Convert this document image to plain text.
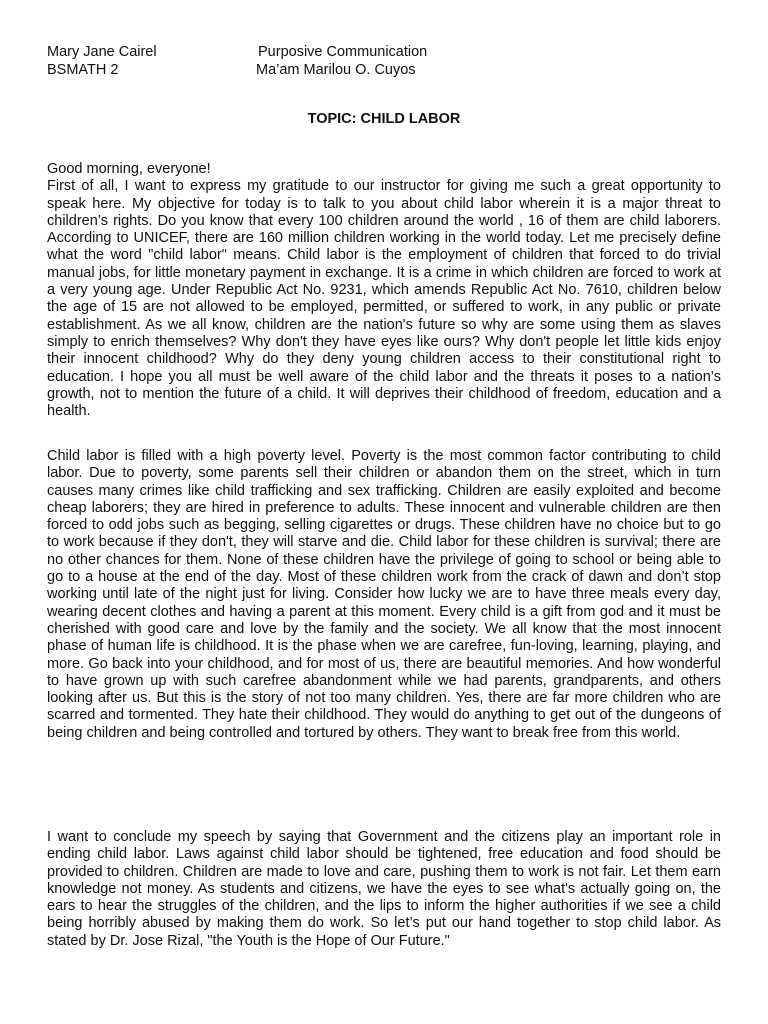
Mary Jane Cairel	Purposive Communication
BSMATH 2	Ma’am Marilou O. Cuyos
TOPIC: CHILD LABOR

Good morning, everyone!

First of all, I want to express my gratitude to our instructor for giving me such a great opportunity to speak here. My objective for today is to talk to you about child labor wherein it is a major threat to children’s rights. Do you know that every 100 children around the world , 16 of them are child laborers. According to UNICEF, there are 160 million children working in the world today. Let me precisely define what the word "child labor" means. Child labor is the employment of children that forced to do trivial manual jobs, for little monetary payment in exchange. It is a crime in which children are forced to work at a very young age. Under Republic Act No. 9231, which amends Republic Act No. 7610, children below the age of 15 are not allowed to be employed, permitted, or suffered to work, in any public or private establishment. As we all know, children are the nation's future so why are some using them as slaves simply to enrich themselves? Why don't they have eyes like ours? Why don't people let little kids enjoy their innocent childhood? Why do they deny young children access to their constitutional right to education. I hope you all must be well aware of the child labor and the threats it poses to a nation’s growth, not to mention the future of a child. It will deprives their childhood of freedom, education and a health.

Child labor is filled with a high poverty level. Poverty is the most common factor contributing to child labor. Due to poverty, some parents sell their children or abandon them on the street, which in turn causes many crimes like child trafficking and sex trafficking. Children are easily exploited and become cheap laborers; they are hired in preference to adults. These innocent and vulnerable children are then forced to odd jobs such as begging, selling cigarettes or drugs. These children have no choice but to go to work because if they don't, they will starve and die. Child labor for these children is survival; there are no other chances for them. None of these children have the privilege of going to school or being able to go to a house at the end of the day. Most of these children work from the crack of dawn and don’t stop working until late of the night just for living. Consider how lucky we are to have three meals every day, wearing decent clothes and having a parent at this moment. Every child is a gift from god and it must be cherished with good care and love by the family and the society. We all know that the most innocent phase of human life is childhood. It is the phase when we are carefree, fun-loving, learning, playing, and more. Go back into your childhood, and for most of us, there are beautiful memories. And how wonderful to have grown up with such carefree abandonment while we had parents, grandparents, and others looking after us. But this is the story of not too many children. Yes, there are far more children who are scarred and tormented. They hate their childhood. They would do anything to get out of the dungeons of being children and being controlled and tortured by others. They want to break free from this world.

I want to conclude my speech by saying that Government and the citizens play an important role in ending child labor. Laws against child labor should be tightened, free education and food should be provided to children. Children are made to love and care, pushing them to work is not fair. Let them earn knowledge not money. As students and citizens, we have the eyes to see what's actually going on, the ears to hear the struggles of the children, and the lips to inform the higher authorities if we see a child being horribly abused by making them do work. So let’s put our hand together to stop child labor. As stated by Dr. Jose Rizal, "the Youth is the Hope of Our Future."
